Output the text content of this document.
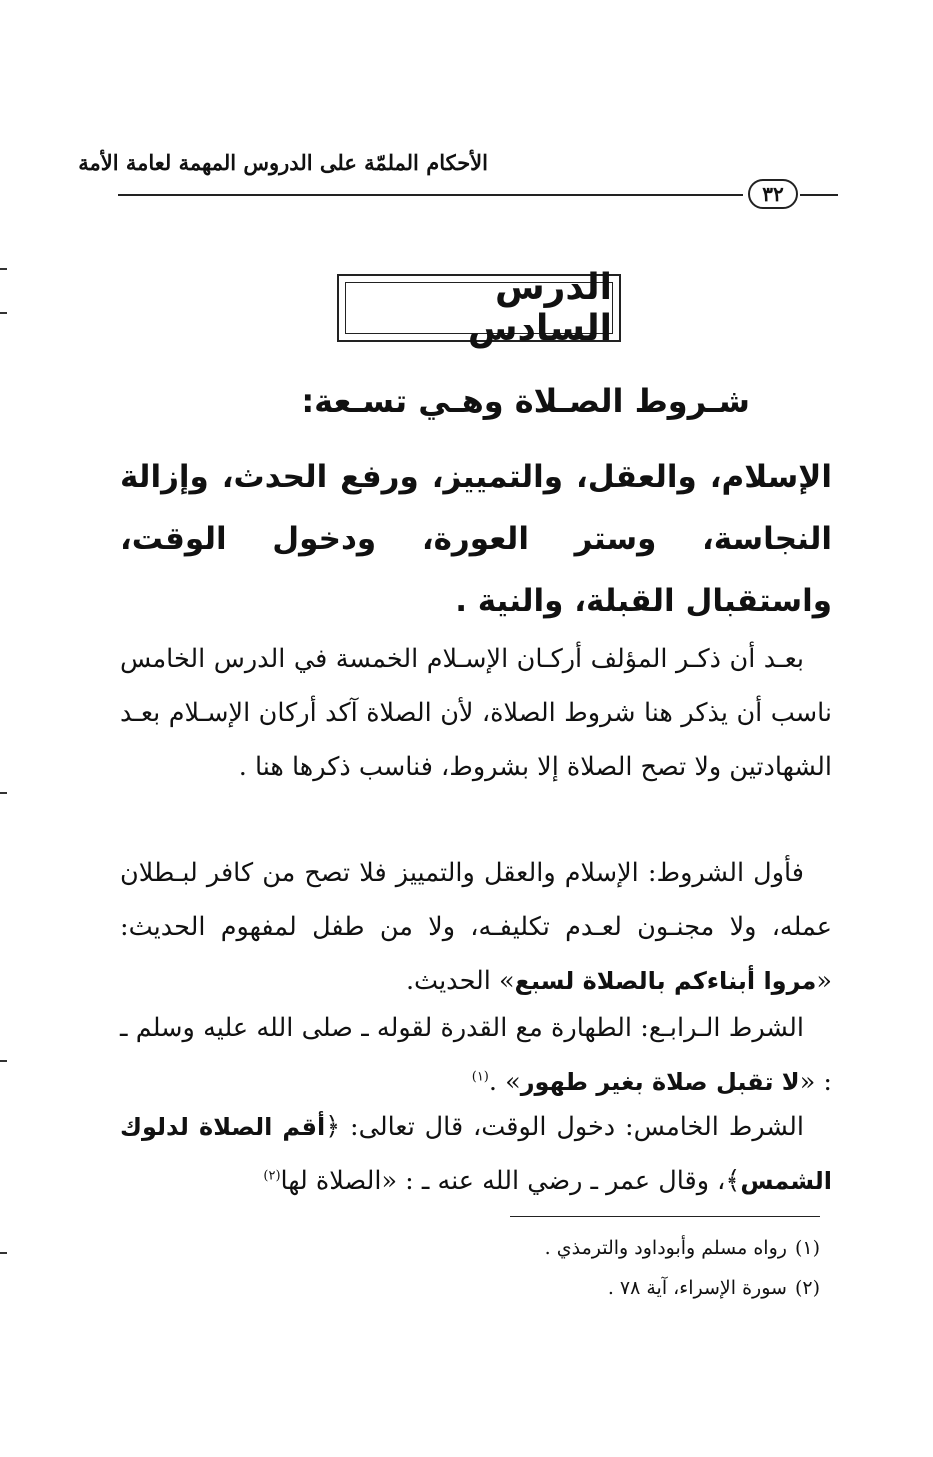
الأحكام الملمّة على الدروس المهمة لعامة الأمة
٣٢
الدرس السادس
شـروط الصـلاة وهـي تسـعة:
الإسلام، والعقل، والتمييز، ورفع الحدث، وإزالة النجاسة، وستر العورة، ودخول الوقت، واستقبال القبلة، والنية .
بعـد أن ذكـر المؤلف أركـان الإسـلام الخمسة في الدرس الخامس ناسب أن يذكر هنا شروط الصلاة، لأن الصلاة آكد أركان الإسـلام بعـد الشهادتين ولا تصح الصلاة إلا بشروط، فناسب ذكرها هنا .
فأول الشروط: الإسلام والعقل والتمييز فلا تصح من كافر لبـطلان عمله، ولا مجنـون لعـدم تكليفـه، ولا من طفل لمفهوم الحديث: «مروا أبناءكم بالصلاة لسبع» الحديث.
الشرط الـرابـع: الطهارة مع القدرة لقوله ـ صلى الله عليه وسلم ـ : «لا تقبل صلاة بغير طهور» .$^{(١)}$
الشرط الخامس: دخول الوقت، قال تعالى: ﴿أقم الصلاة لدلوك الشمس﴾، وقال عمر ـ رضي الله عنه ـ : «الصلاة لها$^{(٢)}$
(١)رواه مسلم وأبوداود والترمذي .
(٢)سورة الإسراء، آية ٧٨ .
